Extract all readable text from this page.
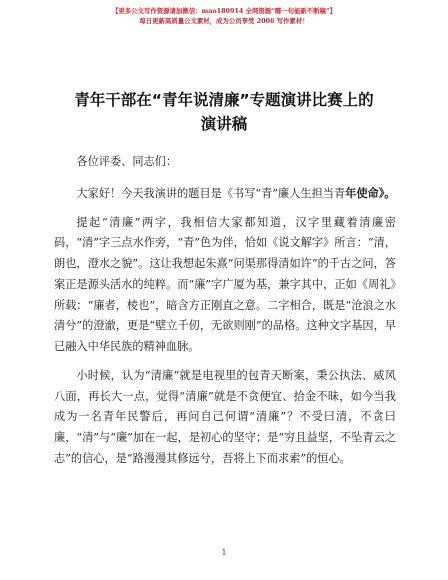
【更多公文写作资源请加微信：mao180914 全网资源“哪一句能新不断稿”】
每日更新高质量公文素材，成为公员享受 2006 写作素材！
青年干部在“青年说清廉”专题演讲比赛上的
演讲稿

各位评委、同志们：

大家好！今天我演讲的题目是《书写“青”廉人生担当青年使命》。

提起“清廉”两字，我相信大家都知道，汉字里藏着清廉密码，“清”字三点水作旁，“青”色为伴，恰如《说文解字》所言：“清，朗也，澄水之貌”。这让我想起朱熹“问渠那得清如许”的千古之问，答案正是源头活水的纯粹。而“廉”字广厦为基，兼字其中，正如《周礼》所载：“廉者，棱也”，暗含方正刚直之意。二字相合，既是“沧浪之水清兮”的澄澈，更是“壁立千仞，无欲则刚”的品格。这种文字基因，早已融入中华民族的精神血脉。

小时候，认为“清廉”就是电视里的包青天断案，秉公执法、威风八面，再长大一点，觉得“清廉”就是不贪便宜、拾金不昧，如今当我成为一名青年民警后，再问自己何谓“清廉”？不受曰清，不贪曰廉，“清”与“廉”加在一起，是初心的坚守；是“穷且益坚，不坠青云之志”的信心，是“路漫漫其修远兮，吾将上下而求索”的恒心。

1
